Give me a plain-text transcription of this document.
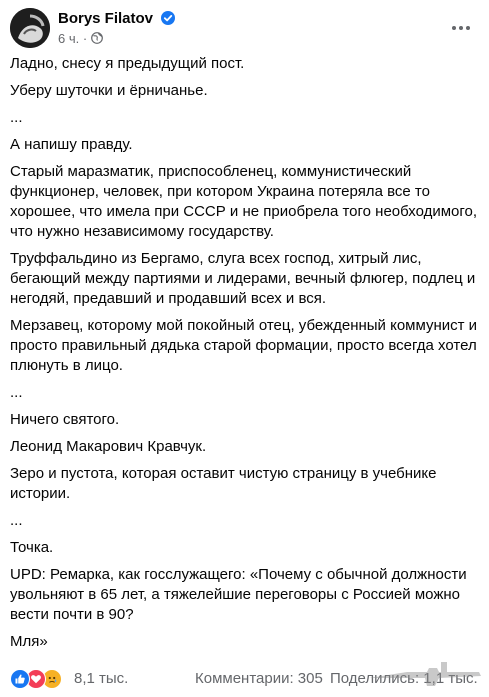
Borys Filatov
6 ч. ·

Ладно, снесу я предыдущий пост.

Уберу шуточки и ёрничанье.

...

А напишу правду.

Старый маразматик, приспособленец, коммунистический функционер, человек, при котором Украина потеряла все то хорошее, что имела при СССР и не приобрела того необходимого, что нужно независимому государству.

Труффальдино из Бергамо, слуга всех господ, хитрый лис, бегающий между партиями и лидерами, вечный флюгер, подлец и негодяй, предавший и продавший всех и вся.

Мерзавец, которому мой покойный отец, убежденный коммунист и просто правильный дядька старой формации, просто всегда хотел плюнуть в лицо.

...

Ничего святого.

Леонид Макарович Кравчук.

Зеро и пустота, которая оставит чистую страницу в учебнике истории.

...

Точка.

UPD: Ремарка, как госслужащего: «Почему с обычной должности увольняют в 65 лет, а тяжелейшие переговоры с Россией можно вести почти в 90?

Мля»

8,1 тыс.	Комментарии: 305 Поделились: 1,1 тыс.
